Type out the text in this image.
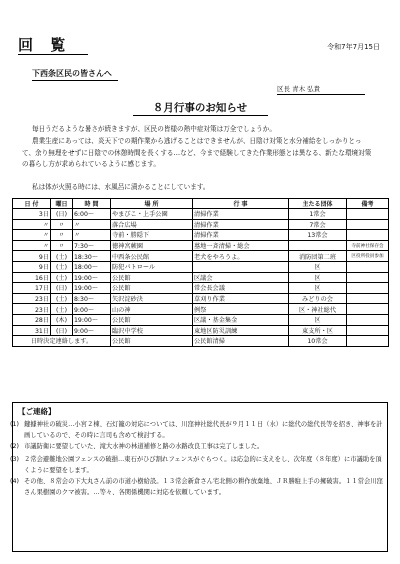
回 覧	令和7年7月15日
下西条区民の皆さんへ
区長 青木 弘貴
８月行事のお知らせ
毎日うだるような暑さが続きますが、区民の皆様の熱中症対策は万全でしょうか。
農業生産にあっては、炎天下での期作業から逃げることはできませんが、日陰け対策と水分補給をしっかりとって、余り無理をせずに日陰での休憩時間を長くする…など、今まで経験してきた作業形態とは異なる、新たな環境対策の暮らし方が求められているように感じます。
私は体が火照る時には、水風呂に漬かることにしています。
日 付	曜日	時 間	場 所	行 事	主たる団体	備考
3日	(日)	6:00～	やまびこ・上手公園	清掃作業	1常会	
〃	〃	〃	落合広場	清掃作業	7常会	
〃	〃	〃	寺前・勝隠下	清掃作業	13常会	
〃	〃	7:30～	徳神宮蕨園	墓地一斉清掃・総会		寺前神社保存会
9日	(土)	18:30～	中西条公民館	老犬をやろうよ。	消防団第二班	区役所役員参加
9日	(土)	18:00～	防犯パトロール		区	
16日	(土)	19:00～	公民館	区議会	区	
17日	(日)	19:00～	公民館	常会長会議	区	
23日	(土)	8:30～	矢沢淀砂決	草刈り作業	みどりの会	
23日	(土)	9:00～	山の神	例祭	区・神社総代	
28日	(木)	19:00～	公民館	区議・基金集金	区	
31日	(日)	9:00～	臨沢中学校	東地区防災訓練	東支所・区	
日時決定連絡します。			公民館	公民館清掃	10常会	
【ご連絡】
(1) 鍵據神社の破災…小宮２棟、石灯籠の対応については、川窪神社総代長が９月１１日（水）に総代の総代長等を招き、神事を計画しているので、その時に言司も含めて検討する。
(2) 市議防衛に要望していた、滝大水神の林道補修と路の水路改良工事は完了しました。
(3) ２常会避難地公園フェンスの破損…東石がひび割れフェンスがぐらつく。は応急的に支えをし、次年度（８年度）に市議助を頂くように要望をします。
(4) その他、８常会の下大丸さん前の市道小樹給設。１３常会新倉さん宅北側の耕作放棄地、ＪＲ勝駐上手の擁破害。１１常会川窪さん果樹園のクマ被害。…等々、各関係機関に対応を依頼しています。
